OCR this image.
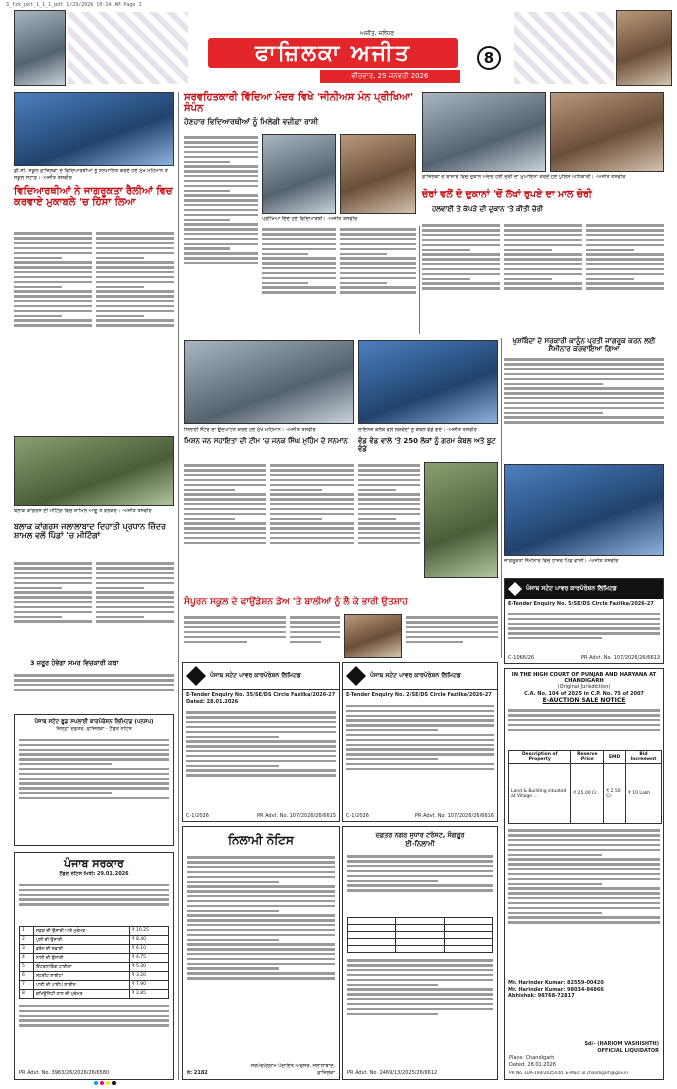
3_fzk_pkt_1_1_1_pdf 1/29/2026 10:14 AM Page 1
ਅਜੀਤ, ਜਲੰਧਰ
ਫਾਜ਼ਿਲਕਾ ਅਜੀਤ
ਵੀਰਵਾਰ, 29 ਜਨਵਰੀ 2026
8
ਡੀ.ਸੀ. ਸਕੂਲ ਫ਼ਾਜ਼ਿਲਕਾ ਦੇ ਵਿਦਿਆਰਥੀਆਂ ਨੂੰ ਸਨਮਾਨਿਤ ਕਰਦੇ ਹੋਏ ਮੁੱਖ ਮਹਿਮਾਨ ਤੇ ਸਕੂਲ ਸਟਾਫ਼। -ਅਜੀਤ ਤਸਵੀਰ
ਵਿਦਿਆਰਥੀਆਂ ਨੇ ਜਾਗਰੂਕਤਾ ਰੈਲੀਆਂ ਵਿਚ ਕਰਵਾਏ ਮੁਕਾਬਲੇ 'ਚ ਹਿੱਸਾ ਲਿਆ
ਬਲਾਕ ਕਾਂਗਰਸ ਦੀ ਮੀਟਿੰਗ ਵਿਚ ਸ਼ਾਮਿਲ ਆਗੂ ਤੇ ਵਰਕਰ। -ਅਜੀਤ ਤਸਵੀਰ
ਬਲਾਕ ਕਾਂਗਰਸ ਜਲਾਲਾਬਾਦ ਦਿਹਾਤੀ ਪ੍ਰਧਾਨ ਜ਼ਿੰਦਰ ਸ਼ਾਮਲ ਵਲੋਂ ਪਿੰਡਾਂ 'ਚ ਮੀਟਿੰਗਾਂ
3 ਜ਼ਰੂਰ ਹੋਵੇਗਾ ਸਮਰ ਵਿਚਕਾਰੀ ਕਥਾ
ਪੰਜਾਬ ਸਟੇਟ ਫੂਡ ਸਪਲਾਈ ਕਾਰਪੋਰੇਸ਼ਨ ਲਿਮਿਟਡ (ਪਨਸਪ)
ਜ਼ਿਲ੍ਹਾ ਦਫ਼ਤਰ, ਫ਼ਾਜ਼ਿਲਕਾ - ਟੈਂਡਰ ਨੋਟਿਸ
ਪੰਜਾਬ ਸਰਕਾਰ
ਟੈਂਡਰ ਨੋਟਿਸ ਮਿਤੀ: 29.01.2026
1	ਸੜਕ ਦੀ ਉਸਾਰੀ ਅਤੇ ਮੁਰੰਮਤ	₹ 10.25
2	ਪੁਲੀ ਦੀ ਉਸਾਰੀ	₹ 8.40
3	ਡਰੇਨ ਦੀ ਸਫ਼ਾਈ	₹ 6.10
4	ਨਾਲੀ ਦੀ ਉਸਾਰੀ	₹ 4.75
5	ਇੰਟਰਲਾਕਿੰਗ ਟਾਈਲਾਂ	₹ 5.30
6	ਸਟਰੀਟ ਲਾਈਟਾਂ	₹ 3.20
7	ਪਾਣੀ ਦੀ ਪਾਈਪ ਲਾਈਨ	₹ 7.90
8	ਕਮਿਊਨਿਟੀ ਹਾਲ ਦੀ ਮੁਰੰਮਤ	₹ 2.85
PR Advt. No. 3963/26/2026/26/6580
ਸਰਵਹਿਤਕਾਰੀ ਵਿੱਦਿਆ ਮੰਦਰ ਵਿਖੇ 'ਜੀਨੀਅਸ ਮੰਨ ਪ੍ਰੀਖਿਆ' ਸੰਪੰਨ
ਹੋਣਹਾਰ ਵਿਦਿਆਰਥੀਆਂ ਨੂੰ ਮਿਲੇਗੀ ਵਜ਼ੀਫ਼ਾ ਰਾਸ਼ੀ
ਪ੍ਰੀਖਿਆ ਦਿੰਦੇ ਹੋਏ ਵਿਦਿਆਰਥੀ। -ਅਜੀਤ ਤਸਵੀਰ
ਸਿਲਾਈ ਸੈਂਟਰ ਦਾ ਉਦਘਾਟਨ ਕਰਦੇ ਹੋਏ ਮੁੱਖ ਮਹਿਮਾਨ। -ਅਜੀਤ ਤਸਵੀਰ	ਲਾਇਨਜ਼ ਕਲੱਬ ਵਲੋਂ ਲੋੜਵੰਦਾਂ ਨੂੰ ਕੰਬਲ ਵੰਡੇ ਗਏ। -ਅਜੀਤ ਤਸਵੀਰ
ਮਿਸ਼ਨ ਜਨ ਸਹਾਇਤਾ ਦੀ ਟੀਮ 'ਚ ਜਨਕ ਸਿੰਘ ਮੁਹਿੰਮ ਦੇ ਸਨਮਾਨ	ਵੰਡ ਵੰਡ ਵਾਲੇ 'ਤੇ 250 ਲੋਕਾਂ ਨੂੰ ਗਰਮ ਕੰਬਲ ਅਤੇ ਬੂਟ ਵੰਡੇ
ਸੰਪੂਰਨ ਸਕੂਲ ਦੇ ਫਾਉਂਡੇਸ਼ਨ ਡੇਅ 'ਤੇ ਬਾਲੀਆਂ ਨੂੰ ਲੈ ਕੇ ਭਾਰੀ ਉਤਸ਼ਾਹ
ਪੰਜਾਬ ਸਟੇਟ ਪਾਵਰ ਕਾਰਪੋਰੇਸ਼ਨ ਲਿਮਿਟਡ
E-Tender Enquiry No. 35/SE/DS Circle Fazilka/2026-27 Dated: 28.01.2026
C-1/2026	PR Advt. No. 107/2026/26/6615
ਪੰਜਾਬ ਸਟੇਟ ਪਾਵਰ ਕਾਰਪੋਰੇਸ਼ਨ ਲਿਮਿਟਡ
E-Tender Enquiry No. 2/SE/DS Circle Fazilka/2026-27
C-1/2026	PR Advt. No. 107/2026/26/6616
ਨਿਲਾਮੀ ਨੋਟਿਸ
ਨੰ: 2182
ਸਰਪੰਚ/ਗ੍ਰਾਮ ਪੰਚਾਇਤ ਅਫ਼ਸਰ, ਜਲਾਲਾਬਾਦ, ਫ਼ਾਜ਼ਿਲਕਾ
ਦਫ਼ਤਰ ਨਗਰ ਸੁਧਾਰ ਟਰੱਸਟ, ਸੰਗਰੂਰ
ਈ-ਨਿਲਾਮੀ

PR Advt. No. 2469/13/2025/26/6612
ਫ਼ਾਜ਼ਿਲਕਾ ਦੇ ਬਾਜ਼ਾਰ ਵਿਚ ਦੁਕਾਨ ਅੰਦਰ ਹੋਈ ਚੋਰੀ ਦਾ ਮੁਆਇਨਾ ਕਰਦੇ ਹੋਏ ਪੁਲਿਸ ਅਧਿਕਾਰੀ। -ਅਜੀਤ ਤਸਵੀਰ
ਚੋਰਾਂ ਵਲੋਂ ਦੋ ਦੁਕਾਨਾਂ 'ਚੋਂ ਲੱਖਾਂ ਰੁਪਏ ਦਾ ਮਾਲ ਚੋਰੀ
ਹਲਵਾਈ ਤੇ ਕੱਪੜੇ ਦੀ ਦੁਕਾਨ 'ਤੇ ਕੀਤੀ ਚੋਰੀ
ਖੁਸ਼ਬਿੰਦਾ ਦੇ ਸਰਕਾਰੀ ਕਾਨੂੰਨ ਪ੍ਰਤੀ ਜਾਗਰੂਕ ਕਰਨ ਲਈ ਸੈਮੀਨਾਰ ਕਰਵਾਇਆ ਗਿਆ
ਜਾਗਰੂਕਤਾ ਸੈਮੀਨਾਰ ਵਿਚ ਹਾਜ਼ਰ ਪਿੰਡ ਵਾਸੀ। -ਅਜੀਤ ਤਸਵੀਰ
ਪੰਜਾਬ ਸਟੇਟ ਪਾਵਰ ਕਾਰਪੋਰੇਸ਼ਨ ਲਿਮਿਟਡ
E-Tender Enquiry No. 5/SE/DS Circle Fazilka/2026-27
C-1066/26	PR Advt. No. 107/2026/26/6613
IN THE HIGH COURT OF PUNJAB AND HARYANA AT CHANDIGARH
(Original Jurisdiction)
C.A. No. 104 of 2025 in C.P. No. 75 of 2007
E-AUCTION SALE NOTICE
Description of Property	Reserve Price	EMD	Bid Increment
Land & Building situated at Village ...	₹ 25.00 Cr.	₹ 2.50 Cr.	₹ 10 Lakh
Mr. Harinder Kumar: 82559-00420
Mr. Harinder Kumar: 98034-84866
Abhishek: 98768-72817
Sd/- (HARIOM VASHISHTH)
OFFICIAL LIQUIDATOR
Place: Chandigarh
Dated: 28.01.2026
PR No. LUA-194/2025/Ltd. E-Mail: ol.chandigarh@gov.in
